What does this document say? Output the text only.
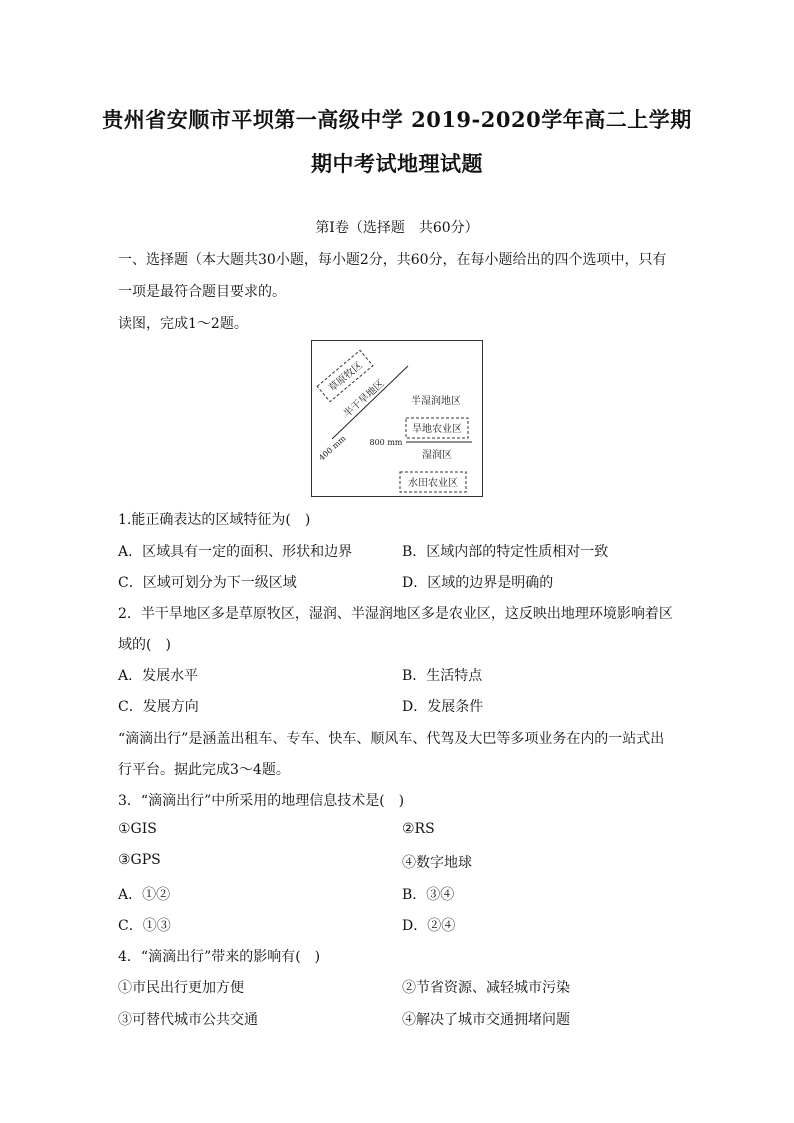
贵州省安顺市平坝第一高级中学 2019-2020学年高二上学期
期中考试地理试题
第Ⅰ卷（选择题　共60分）
一、选择题（本大题共30小题，每小题2分，共60分，在每小题给出的四个选项中，只有
一项是最符合题目要求的。
读图，完成1～2题。
草原牧区
半干旱地区
400 mm
半湿润地区
旱地农业区
800 mm
湿润区
水田农业区
1.能正确表达的区域特征为(　)
A．区域具有一定的面积、形状和边界	B．区域内部的特定性质相对一致
C．区域可划分为下一级区域	D．区域的边界是明确的
2．半干旱地区多是草原牧区，湿润、半湿润地区多是农业区，这反映出地理环境影响着区
域的(　)
A．发展水平	B．生活特点
C．发展方向	D．发展条件
“滴滴出行”是涵盖出租车、专车、快车、顺风车、代驾及大巴等多项业务在内的一站式出
行平台。据此完成3～4题。
3．“滴滴出行”中所采用的地理信息技术是(　)
①GIS	②RS
③GPS	④数字地球
A．①②	B．③④
C．①③	D．②④
4．“滴滴出行”带来的影响有(　)
①市民出行更加方便	②节省资源、减轻城市污染
③可替代城市公共交通	④解决了城市交通拥堵问题
